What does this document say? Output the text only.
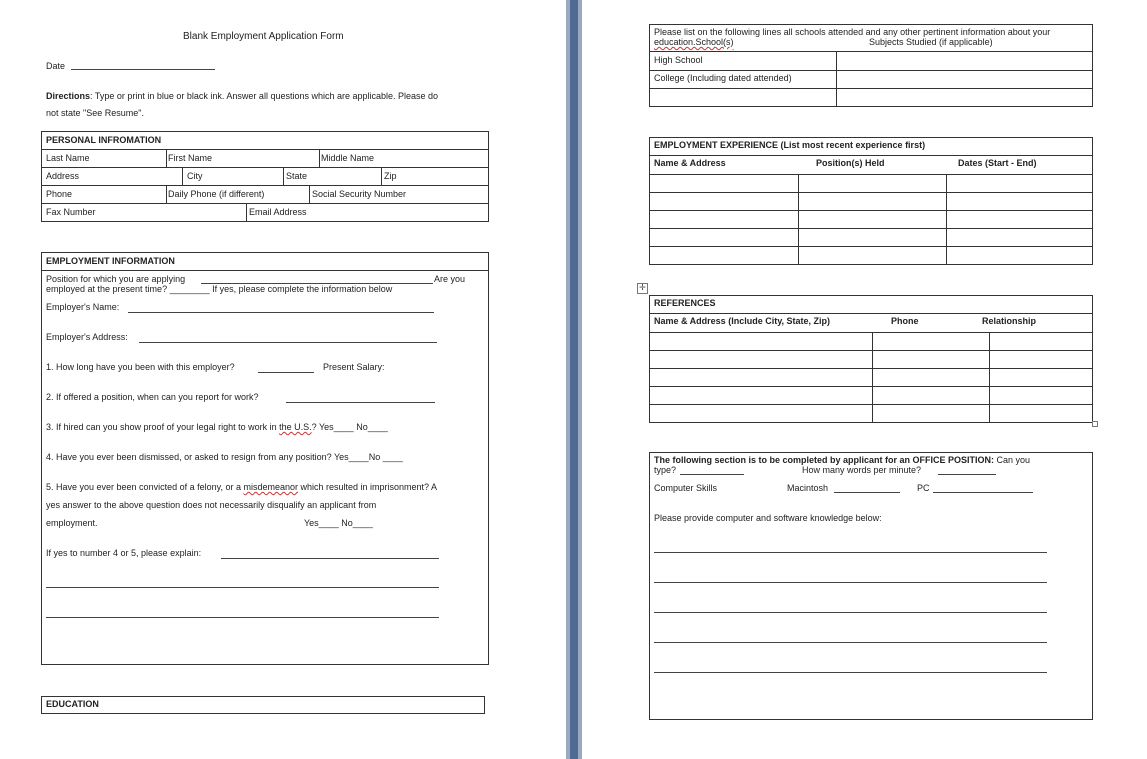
Blank Employment Application Form
Date
Directions: Type or print in blue or black ink. Answer all questions which are applicable. Please do
not state "See Resume".
PERSONAL INFROMATION
Last Name	First Name	Middle Name
Address	City	State	Zip
Phone	Daily Phone (if different)	Social Security Number
Fax Number	Email Address
EMPLOYMENT INFORMATION
Position for which you are applying	Are you
employed at the present time? ________ If yes, please complete the information below
Employer's Name:
Employer's Address:
1. How long have you been with this employer?	Present Salary:
2. If offered a position, when can you report for work?
3. If hired can you show proof of your legal right to work in the U.S.? Yes____ No____
4. Have you ever been dismissed, or asked to resign from any position? Yes____No ____
5. Have you ever been convicted of a felony, or a misdemeanor which resulted in imprisonment? A
yes answer to the above question does not necessarily disqualify an applicant from
employment.	Yes____ No____
If yes to number 4 or 5, please explain:
EDUCATION
Please list on the following lines all schools attended and any other pertinent information about your
education.School(s)	Subjects Studied (if applicable)
High School
College (Including dated attended)
EMPLOYMENT EXPERIENCE (List most recent experience first)
Name & Address	Position(s) Held	Dates (Start - End)
✛
REFERENCES
Name & Address (Include City, State, Zip)	Phone	Relationship
The following section is to be completed by applicant for an OFFICE POSITION: Can you
type?	How many words per minute?
Computer Skills	Macintosh	PC
Please provide computer and software knowledge below:
